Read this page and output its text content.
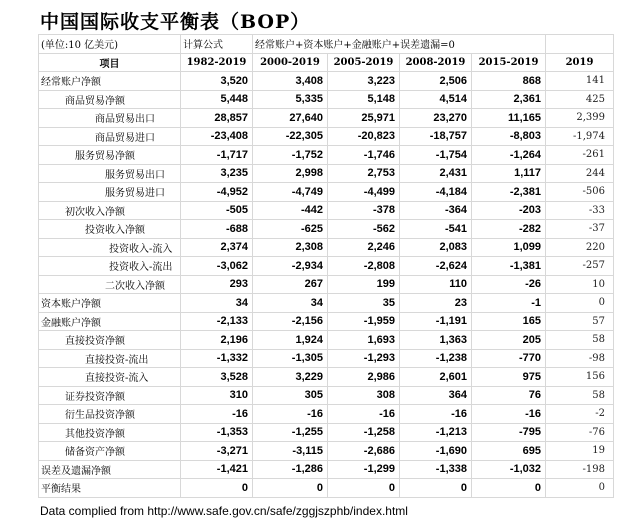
中国国际收支平衡表（BOP）
(单位:10 亿美元)	计算公式	经常账户+资本账户+金融账户+误差遗漏=0				
项目	1982-2019	2000-2019	2005-2019	2008-2019	2015-2019	2019
经常账户净额	3,520	3,408	3,223	2,506	868	141
商品贸易净额	5,448	5,335	5,148	4,514	2,361	425
商品贸易出口	28,857	27,640	25,971	23,270	11,165	2,399
商品贸易进口	-23,408	-22,305	-20,823	-18,757	-8,803	-1,974
服务贸易净额	-1,717	-1,752	-1,746	-1,754	-1,264	-261
服务贸易出口	3,235	2,998	2,753	2,431	1,117	244
服务贸易进口	-4,952	-4,749	-4,499	-4,184	-2,381	-506
初次收入净额	-505	-442	-378	-364	-203	-33
投资收入净额	-688	-625	-562	-541	-282	-37
投资收入-流入	2,374	2,308	2,246	2,083	1,099	220
投资收入-流出	-3,062	-2,934	-2,808	-2,624	-1,381	-257
二次收入净额	293	267	199	110	-26	10
资本账户净额	34	34	35	23	-1	0
金融账户净额	-2,133	-2,156	-1,959	-1,191	165	57
直接投资净额	2,196	1,924	1,693	1,363	205	58
直接投资-流出	-1,332	-1,305	-1,293	-1,238	-770	-98
直接投资-流入	3,528	3,229	2,986	2,601	975	156
证券投资净额	310	305	308	364	76	58
衍生品投资净额	-16	-16	-16	-16	-16	-2
其他投资净额	-1,353	-1,255	-1,258	-1,213	-795	-76
储备资产净额	-3,271	-3,115	-2,686	-1,690	695	19
误差及遗漏净额	-1,421	-1,286	-1,299	-1,338	-1,032	-198
平衡结果	0	0	0	0	0	0
Data complied from http://www.safe.gov.cn/safe/zggjszphb/index.html
